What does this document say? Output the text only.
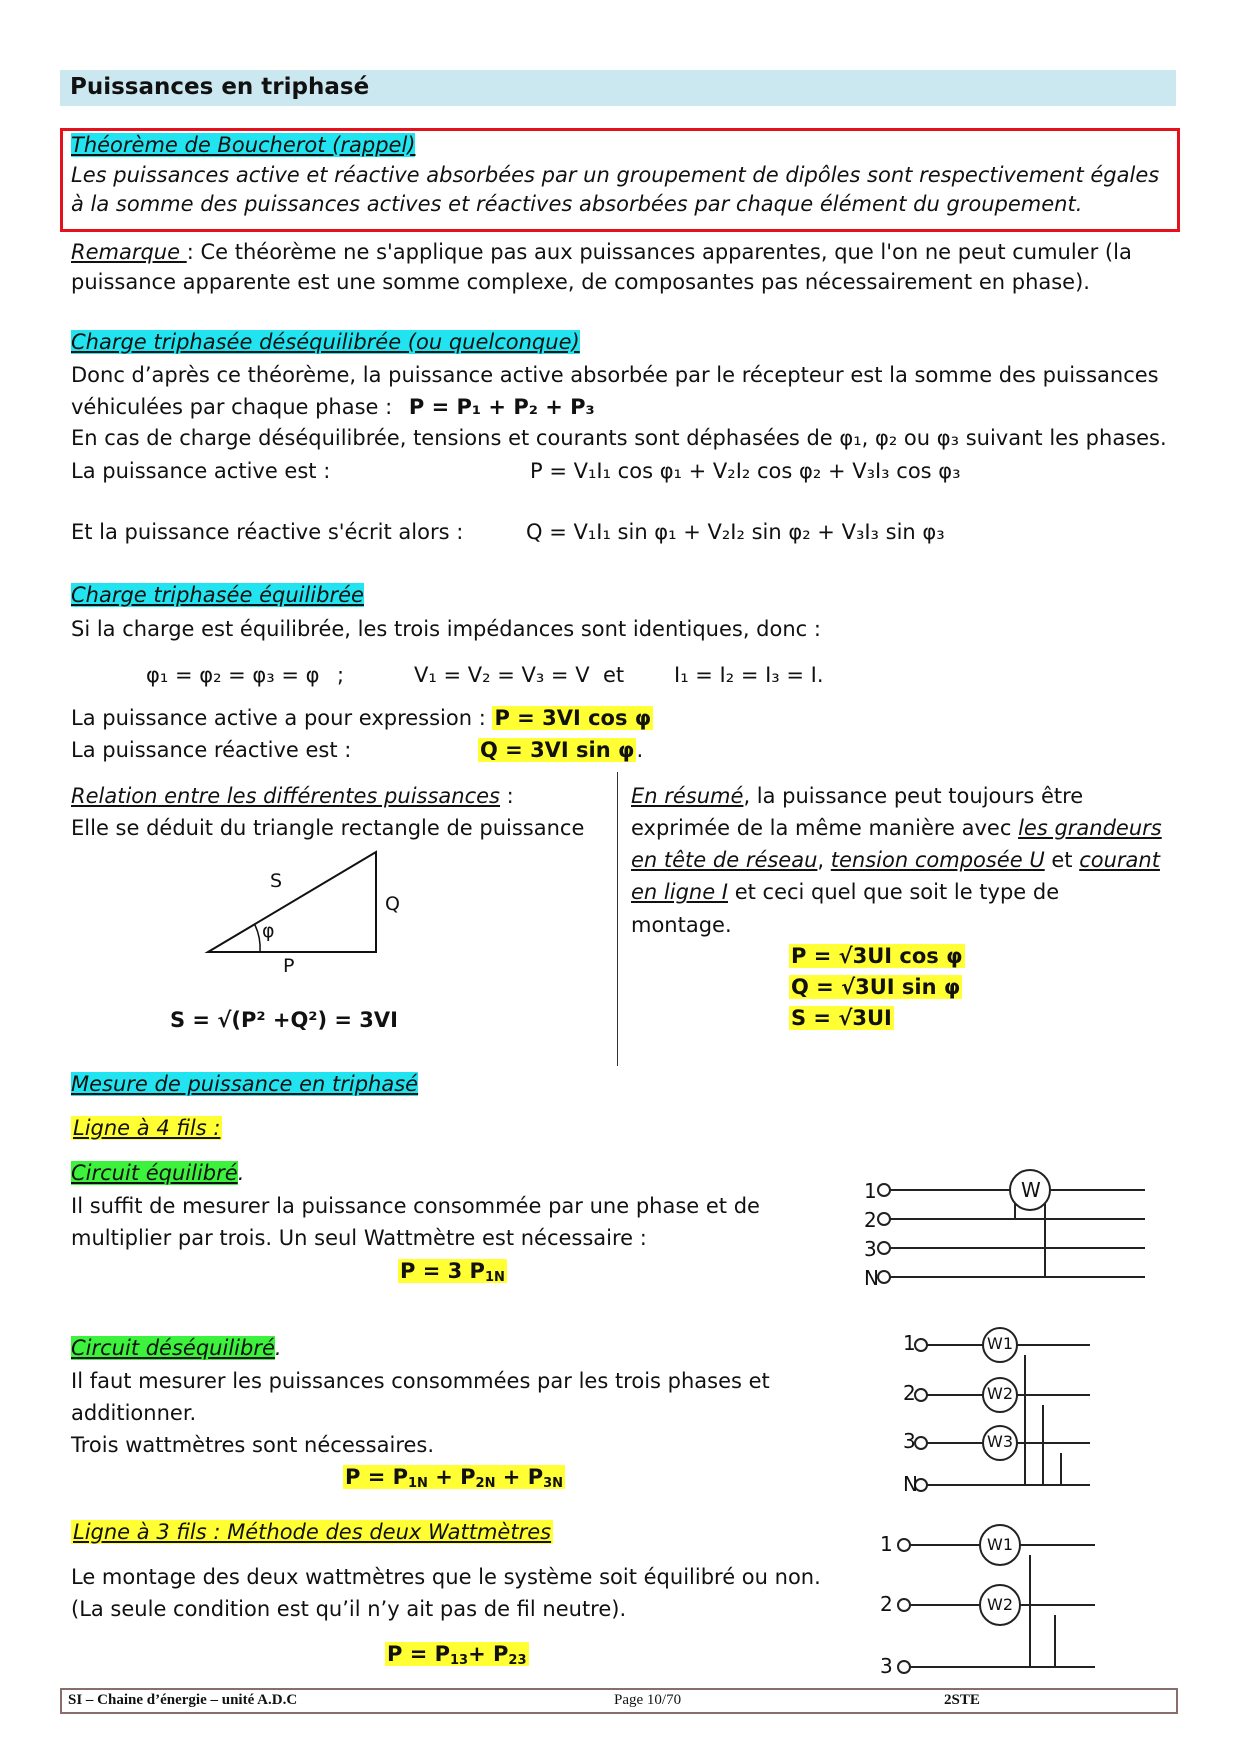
Puissances en triphasé
Théorème de Boucherot (rappel)
Les puissances active et réactive absorbées par un groupement de dipôles sont respectivement égales
à la somme des puissances actives et réactives absorbées par chaque élément du groupement.
Remarque : Ce théorème ne s'applique pas aux puissances apparentes, que l'on ne peut cumuler (la
puissance apparente est une somme complexe, de composantes pas nécessairement en phase).
Charge triphasée déséquilibrée (ou quelconque)
Donc d’après ce théorème, la puissance active absorbée par le récepteur est la somme des puissances
véhiculées par chaque phase : P = P₁ + P₂ + P₃
En cas de charge déséquilibrée, tensions et courants sont déphasées de φ₁, φ₂ ou φ₃ suivant les phases.
La puissance active est :	P = V₁I₁ cos φ₁ + V₂I₂ cos φ₂ + V₃I₃ cos φ₃
Et la puissance réactive s'écrit alors :	Q = V₁I₁ sin φ₁ + V₂I₂ sin φ₂ + V₃I₃ sin φ₃
Charge triphasée équilibrée
Si la charge est équilibrée, les trois impédances sont identiques, donc :
φ₁ = φ₂ = φ₃ = φ ;	V₁ = V₂ = V₃ = V et I₁ = I₂ = I₃ = I.
La puissance active a pour expression : P = 3VI cos φ
La puissance réactive est :	Q = 3VI sin φ.
Relation entre les différentes puissances :
Elle se déduit du triangle rectangle de puissance
S
Q
φ
P
S = √(P² +Q²) = 3VI
En résumé, la puissance peut toujours être
exprimée de la même manière avec les grandeurs
en tête de réseau, tension composée U et courant
en ligne I et ceci quel que soit le type de
montage.
P = √3UI cos φ
Q = √3UI sin φ
S = √3UI
Mesure de puissance en triphasé
Ligne à 4 fils :
Circuit équilibré.
Il suffit de mesurer la puissance consommée par une phase et de
multiplier par trois. Un seul Wattmètre est nécessaire :
P = 3 $P_{1N}$
Circuit déséquilibré.
Il faut mesurer les puissances consommées par les trois phases et
additionner.
Trois wattmètres sont nécessaires.
$P = P_{1N} + P_{2N} + P_{3N}$
Ligne à 3 fils : Méthode des deux Wattmètres
Le montage des deux wattmètres que le système soit équilibré ou non.
(La seule condition est qu’il n’y ait pas de fil neutre).
$P = P_{13}+ P_{23}$
1
2
3
N
W
1
2
3
N
W1
W2
W3
1
2
3
W1
W2
SI – Chaine d’énergie – unité A.D.C	Page 10/70	2STE
